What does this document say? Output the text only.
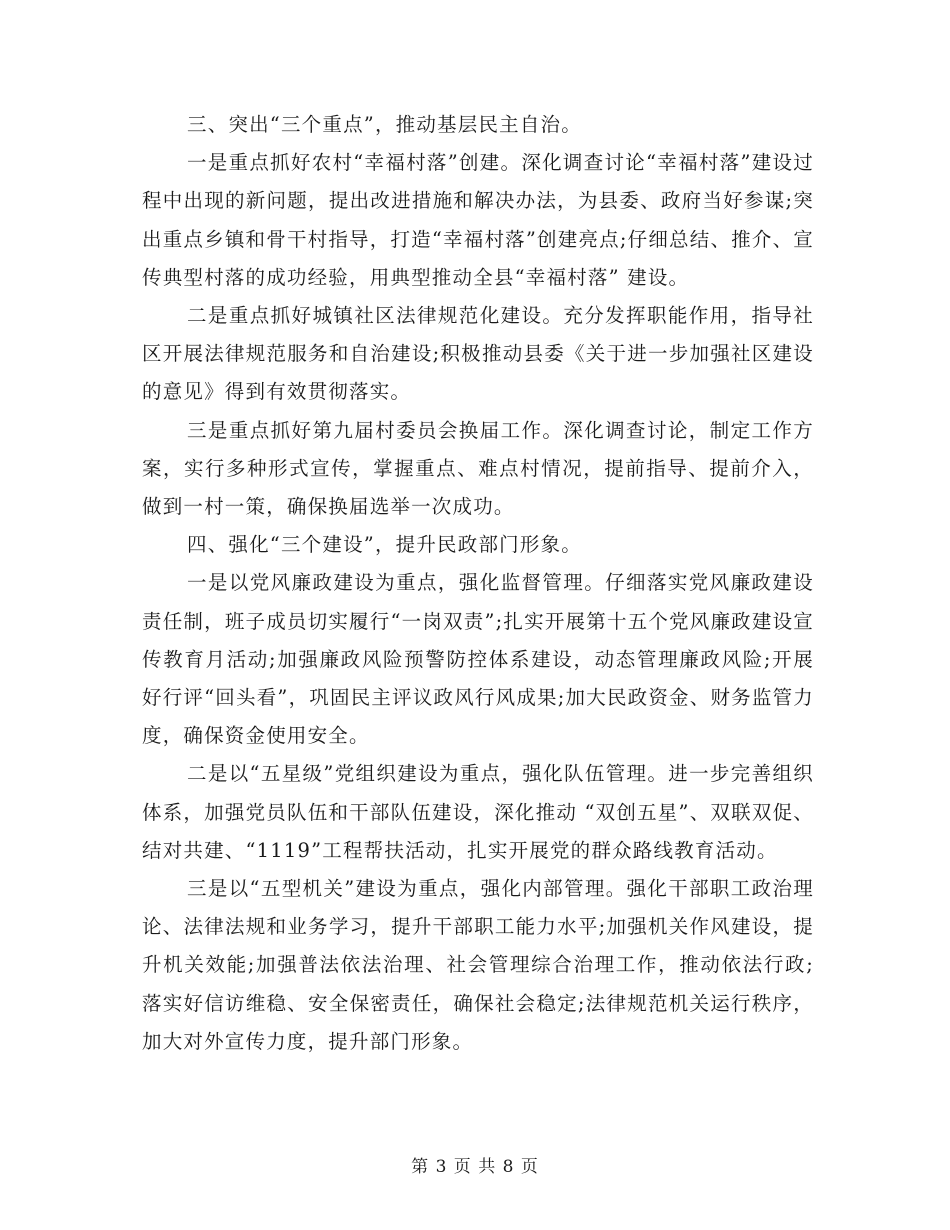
三、突出“三个重点”，推动基层民主自治。

一是重点抓好农村“幸福村落”创建。深化调查讨论“幸福村落”建设过程中出现的新问题，提出改进措施和解决办法，为县委、政府当好参谋;突出重点乡镇和骨干村指导，打造“幸福村落”创建亮点;仔细总结、推介、宣传典型村落的成功经验，用典型推动全县“幸福村落” 建设。

二是重点抓好城镇社区法律规范化建设。充分发挥职能作用，指导社区开展法律规范服务和自治建设;积极推动县委《关于进一步加强社区建设的意见》得到有效贯彻落实。

三是重点抓好第九届村委员会换届工作。深化调查讨论，制定工作方案，实行多种形式宣传，掌握重点、难点村情况，提前指导、提前介入，做到一村一策，确保换届选举一次成功。

四、强化“三个建设”，提升民政部门形象。

一是以党风廉政建设为重点，强化监督管理。仔细落实党风廉政建设责任制，班子成员切实履行“一岗双责”;扎实开展第十五个党风廉政建设宣传教育月活动;加强廉政风险预警防控体系建设，动态管理廉政风险;开展好行评“回头看”，巩固民主评议政风行风成果;加大民政资金、财务监管力度，确保资金使用安全。

二是以“五星级”党组织建设为重点，强化队伍管理。进一步完善组织体系，加强党员队伍和干部队伍建设，深化推动 “双创五星”、双联双促、结对共建、“1119”工程帮扶活动，扎实开展党的群众路线教育活动。

三是以“五型机关”建设为重点，强化内部管理。强化干部职工政治理论、法律法规和业务学习，提升干部职工能力水平;加强机关作风建设，提升机关效能;加强普法依法治理、社会管理综合治理工作，推动依法行政;落实好信访维稳、安全保密责任，确保社会稳定;法律规范机关运行秩序，加大对外宣传力度，提升部门形象。

第 3 页 共 8 页
